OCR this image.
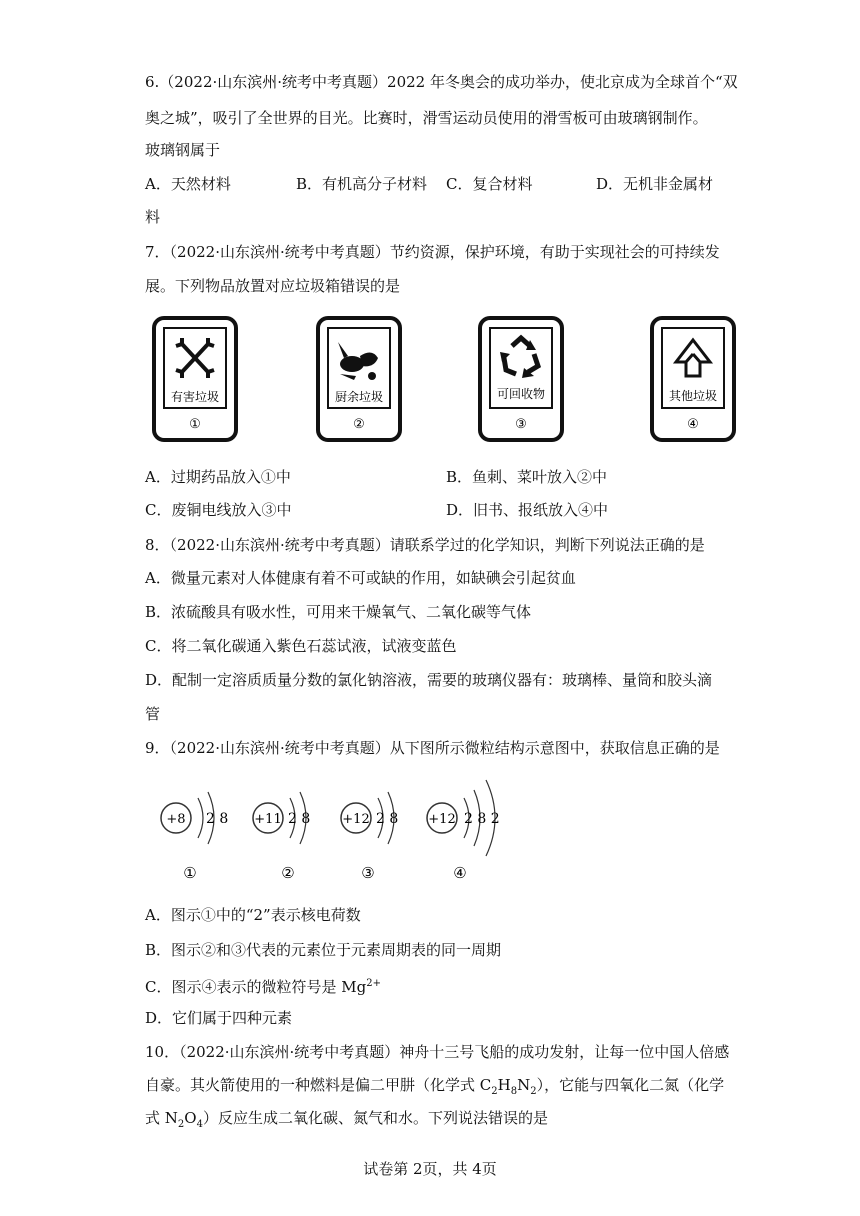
6.（2022·山东滨州·统考中考真题）2022 年冬奥会的成功举办，使北京成为全球首个“双
奥之城”，吸引了全世界的目光。比赛时，滑雪运动员使用的滑雪板可由玻璃钢制作。
玻璃钢属于
A．天然材料	B．有机高分子材料 C．复合材料	D．无机非金属材
料
7．（2022·山东滨州·统考中考真题）节约资源，保护环境，有助于实现社会的可持续发
展。下列物品放置对应垃圾箱错误的是
有害垃圾
①
厨余垃圾
②
可回收物
③
其他垃圾
④
A．过期药品放入①中	B．鱼刺、菜叶放入②中
C．废铜电线放入③中	D．旧书、报纸放入④中
8．（2022·山东滨州·统考中考真题）请联系学过的化学知识，判断下列说法正确的是
A．微量元素对人体健康有着不可或缺的作用，如缺碘会引起贫血
B．浓硫酸具有吸水性，可用来干燥氧气、二氧化碳等气体
C．将二氧化碳通入紫色石蕊试液，试液变蓝色
D．配制一定溶质质量分数的氯化钠溶液，需要的玻璃仪器有：玻璃棒、量筒和胶头滴
管
9．（2022·山东滨州·统考中考真题）从下图所示微粒结构示意图中，获取信息正确的是
+8 2 8
①
+11 2 8
②
+12 2 8
③
+12 2 8 2
④
A．图示①中的“2”表示核电荷数
B．图示②和③代表的元素位于元素周期表的同一周期
C．图示④表示的微粒符号是 $Mg^{2+}$
D．它们属于四种元素
10．（2022·山东滨州·统考中考真题）神舟十三号飞船的成功发射，让每一位中国人倍感
自豪。其火箭使用的一种燃料是偏二甲肼（化学式 $C_2H_8N_2$），它能与四氧化二氮（化学
式 $N_2O_4$）反应生成二氧化碳、氮气和水。下列说法错误的是
试卷第 2页，共 4页
